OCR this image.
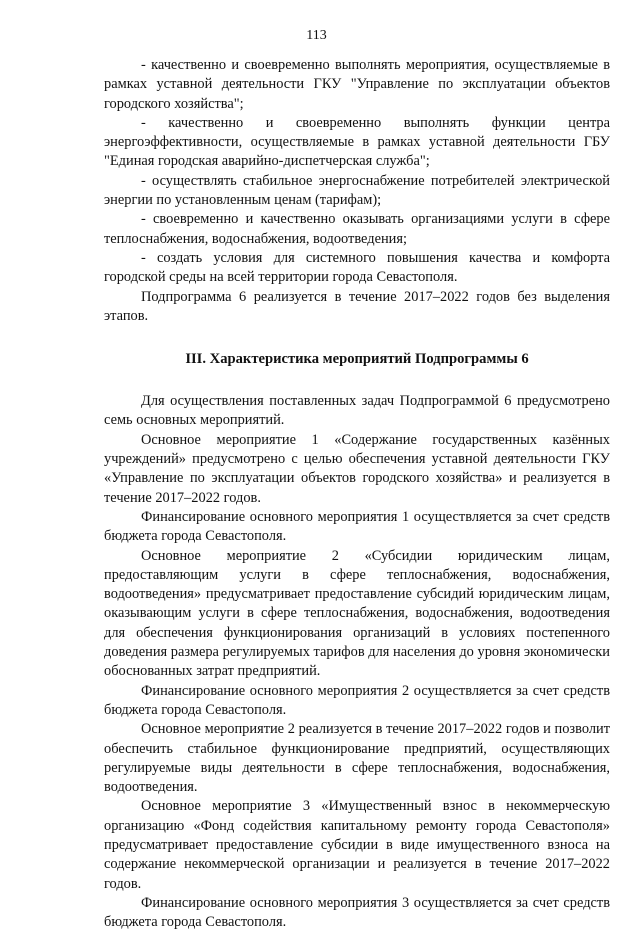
113

- качественно и своевременно выполнять мероприятия, осуществляемые в рамках уставной деятельности ГКУ "Управление по эксплуатации объектов городского хозяйства";

- качественно и своевременно выполнять функции центра энергоэффективности, осуществляемые в рамках уставной деятельности ГБУ "Единая городская аварийно-диспетчерская служба";

- осуществлять стабильное энергоснабжение потребителей электрической энергии по установленным ценам (тарифам);

- своевременно и качественно оказывать организациями услуги в сфере теплоснабжения, водоснабжения, водоотведения;

- создать условия для системного повышения качества и комфорта городской среды на всей территории города Севастополя.

Подпрограмма 6 реализуется в течение 2017–2022 годов без выделения этапов.

III. Характеристика мероприятий Подпрограммы 6

Для осуществления поставленных задач Подпрограммой 6 предусмотрено семь основных мероприятий.

Основное мероприятие 1 «Содержание государственных казённых учреждений» предусмотрено с целью обеспечения уставной деятельности ГКУ «Управление по эксплуатации объектов городского хозяйства» и реализуется в течение 2017–2022 годов.

Финансирование основного мероприятия 1 осуществляется за счет средств бюджета города Севастополя.

Основное мероприятие 2 «Субсидии юридическим лицам, предоставляющим услуги в сфере теплоснабжения, водоснабжения, водоотведения» предусматривает предоставление субсидий юридическим лицам, оказывающим услуги в сфере теплоснабжения, водоснабжения, водоотведения для обеспечения функционирования организаций в условиях постепенного доведения размера регулируемых тарифов для населения до уровня экономически обоснованных затрат предприятий.

Финансирование основного мероприятия 2 осуществляется за счет средств бюджета города Севастополя.

Основное мероприятие 2 реализуется в течение 2017–2022 годов и позволит обеспечить стабильное функционирование предприятий, осуществляющих регулируемые виды деятельности в сфере теплоснабжения, водоснабжения, водоотведения.

Основное мероприятие 3 «Имущественный взнос в некоммерческую организацию «Фонд содействия капитальному ремонту города Севастополя» предусматривает предоставление субсидии в виде имущественного взноса на содержание некоммерческой организации и реализуется в течение 2017–2022 годов.

Финансирование основного мероприятия 3 осуществляется за счет средств бюджета города Севастополя.
